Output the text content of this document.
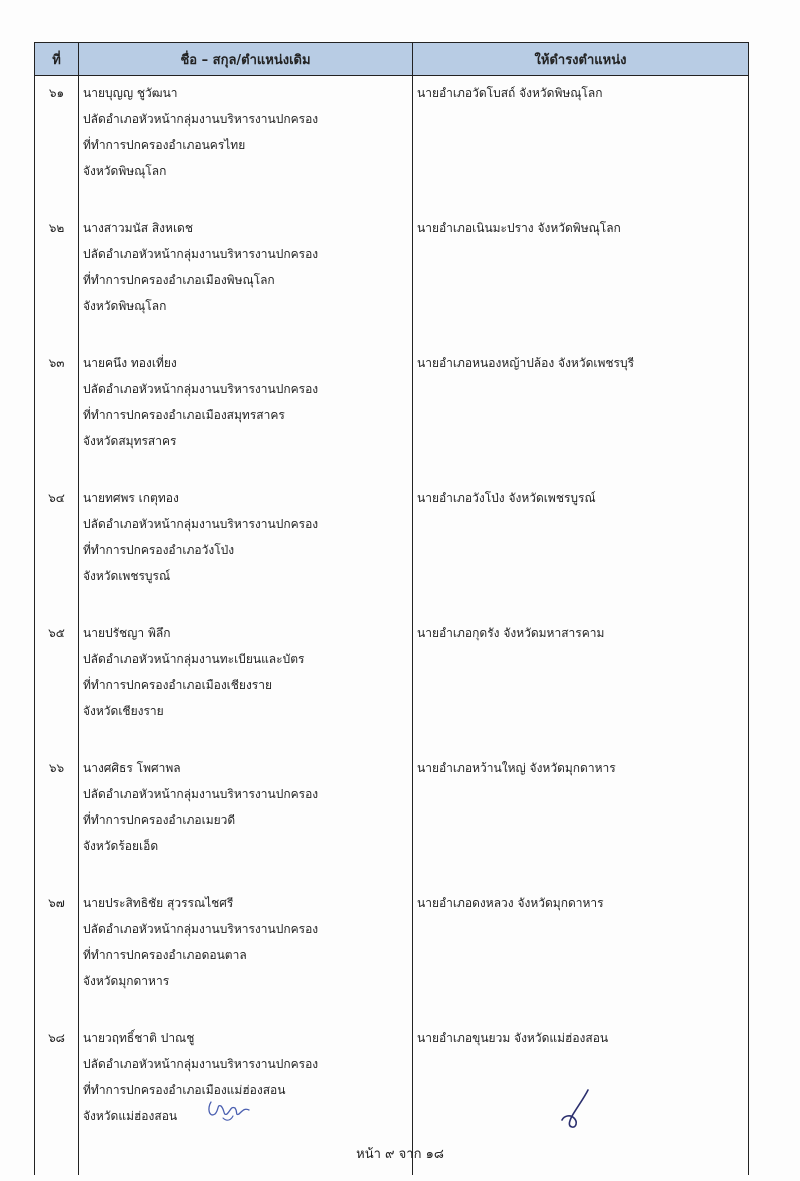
ที่	ชื่อ – สกุล/ตำแหน่งเดิม	ให้ดำรงตำแหน่ง
๖๑	นายบุญญ ชูวัฒนา
ปลัดอำเภอหัวหน้ากลุ่มงานบริหารงานปกครอง
ที่ทำการปกครองอำเภอนครไทย
จังหวัดพิษณุโลก	นายอำเภอวัดโบสถ์ จังหวัดพิษณุโลก
๖๒	นางสาวมนัส สิงหเดช
ปลัดอำเภอหัวหน้ากลุ่มงานบริหารงานปกครอง
ที่ทำการปกครองอำเภอเมืองพิษณุโลก
จังหวัดพิษณุโลก	นายอำเภอเนินมะปราง จังหวัดพิษณุโลก
๖๓	นายคนึง ทองเที่ยง
ปลัดอำเภอหัวหน้ากลุ่มงานบริหารงานปกครอง
ที่ทำการปกครองอำเภอเมืองสมุทรสาคร
จังหวัดสมุทรสาคร	นายอำเภอหนองหญ้าปล้อง จังหวัดเพชรบุรี
๖๔	นายทศพร เกตุทอง
ปลัดอำเภอหัวหน้ากลุ่มงานบริหารงานปกครอง
ที่ทำการปกครองอำเภอวังโป่ง
จังหวัดเพชรบูรณ์	นายอำเภอวังโป่ง จังหวัดเพชรบูรณ์
๖๕	นายปรัชญา พิลึก
ปลัดอำเภอหัวหน้ากลุ่มงานทะเบียนและบัตร
ที่ทำการปกครองอำเภอเมืองเชียงราย
จังหวัดเชียงราย	นายอำเภอกุดรัง จังหวัดมหาสารคาม
๖๖	นางศศิธร โพศาพล
ปลัดอำเภอหัวหน้ากลุ่มงานบริหารงานปกครอง
ที่ทำการปกครองอำเภอเมยวดี
จังหวัดร้อยเอ็ด	นายอำเภอหว้านใหญ่ จังหวัดมุกดาหาร
๖๗	นายประสิทธิชัย สุวรรณไชศรี
ปลัดอำเภอหัวหน้ากลุ่มงานบริหารงานปกครอง
ที่ทำการปกครองอำเภอดอนตาล
จังหวัดมุกดาหาร	นายอำเภอดงหลวง จังหวัดมุกดาหาร
๖๘	นายวฤทธิ์ชาติ ปาณชู
ปลัดอำเภอหัวหน้ากลุ่มงานบริหารงานปกครอง
ที่ทำการปกครองอำเภอเมืองแม่ฮ่องสอน
จังหวัดแม่ฮ่องสอน	นายอำเภอขุนยวม จังหวัดแม่ฮ่องสอน
หน้า ๙ จาก ๑๘
